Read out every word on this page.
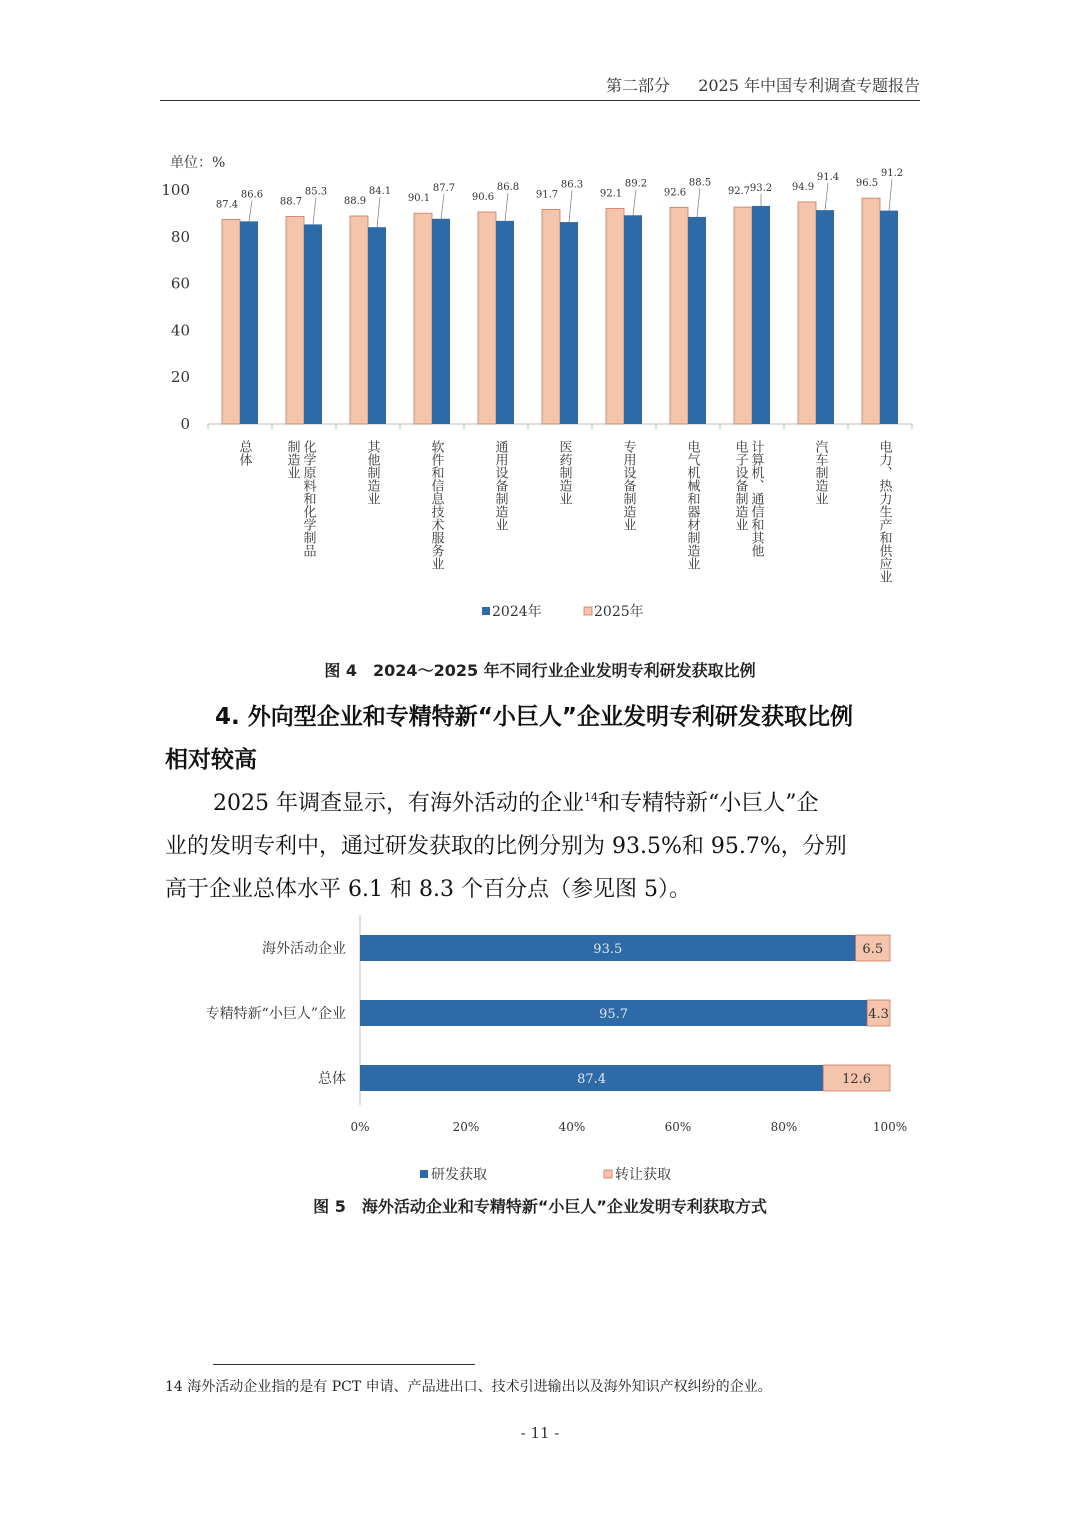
第二部分 2025 年中国专利调查专题报告
单位：%
0
20
40
60
80
100
87.4
86.6
总体
88.7
85.3
化学原料和化学制品
制造业
88.9
84.1
其他制造业
90.1
87.7
软件和信息技术服务业
90.6
86.8
通用设备制造业
91.7
86.3
医药制造业
92.1
89.2
专用设备制造业
92.6
88.5
电气机械和器材制造业
92.7 93.2
计算机、通信和其他
电子设备制造业
94.9
91.4
汽车制造业
96.5
91.2
电力、热力生产和供应业
2024年	2025年
图 4　2024～2025 年不同行业企业发明专利研发获取比例
4. 外向型企业和专精特新“小巨人”企业发明专利研发获取比例
相对较高
2025 年调查显示，有海外活动的企业$^{14}$和专精特新“小巨人”企
业的发明专利中，通过研发获取的比例分别为 93.5%和 95.7%，分别
高于企业总体水平 6.1 和 8.3 个百分点（参见图 5）。
海外活动企业	93.5	6.5
专精特新“小巨人”企业	95.7	4.3
总体	87.4	12.6
0%	20%	40%	60%	80%	100%
研发获取	转让获取
图 5　海外活动企业和专精特新“小巨人”企业发明专利获取方式
14 海外活动企业指的是有 PCT 申请、产品进出口、技术引进输出以及海外知识产权纠纷的企业。
- 11 -
